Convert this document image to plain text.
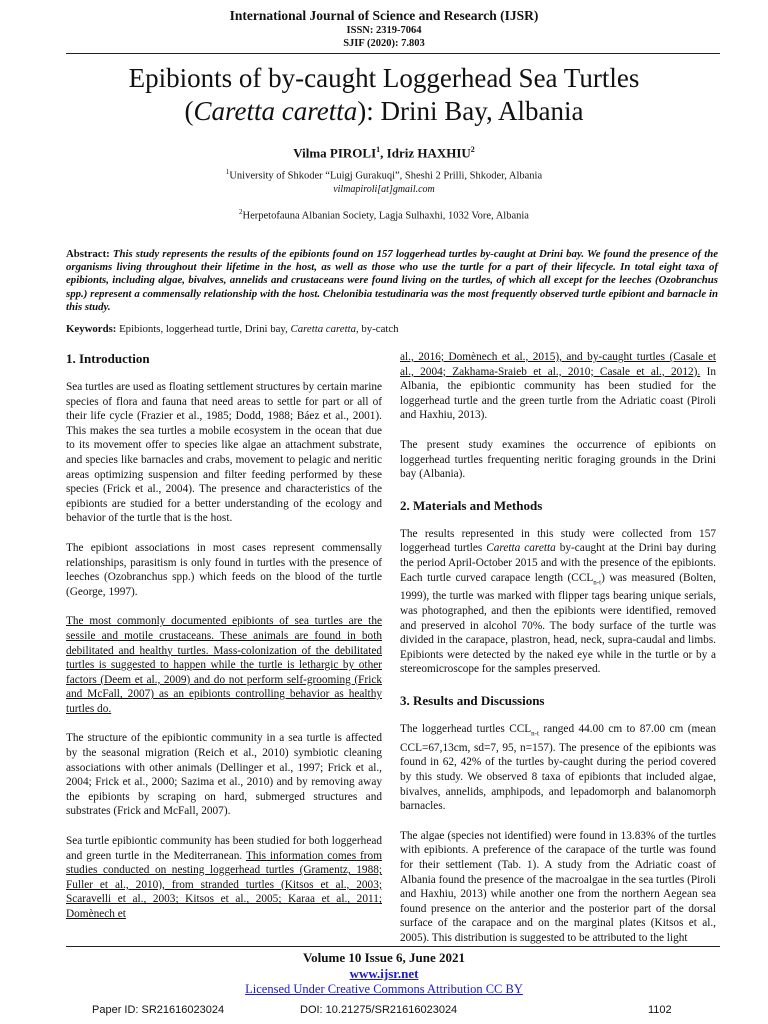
International Journal of Science and Research (IJSR)
ISSN: 2319-7064
SJIF (2020): 7.803
Epibionts of by-caught Loggerhead Sea Turtles
(Caretta caretta): Drini Bay, Albania
Vilma PIROLI$^1$, Idriz HAXHIU$^2$
$^1$University of Shkoder “Luigj Gurakuqi”, Sheshi 2 Prilli, Shkoder, Albania
vilmapiroli[at]gmail.com
$^2$Herpetofauna Albanian Society, Lagja Sulhaxhi, 1032 Vore, Albania
Abstract: This study represents the results of the epibionts found on 157 loggerhead turtles by-caught at Drini bay. We found the presence of the organisms living throughout their lifetime in the host, as well as those who use the turtle for a part of their lifecycle. In total eight taxa of epibionts, including algae, bivalves, annelids and crustaceans were found living on the turtles, of which all except for the leeches (Ozobranchus spp.) represent a commensally relationship with the host. Chelonibia testudinaria was the most frequently observed turtle epibiont and barnacle in this study.
Keywords: Epibionts, loggerhead turtle, Drini bay, Caretta caretta, by-catch
1. Introduction

Sea turtles are used as floating settlement structures by certain marine species of flora and fauna that need areas to settle for part or all of their life cycle (Frazier et al., 1985; Dodd, 1988; Báez et al., 2001). This makes the sea turtles a mobile ecosystem in the ocean that due to its movement offer to species like algae an attachment substrate, and species like barnacles and crabs, movement to pelagic and neritic areas optimizing suspension and filter feeding performed by these species (Frick et al., 2004). The presence and characteristics of the epibionts are studied for a better understanding of the ecology and behavior of the turtle that is the host.

The epibiont associations in most cases represent commensally relationships, parasitism is only found in turtles with the presence of leeches (Ozobranchus spp.) which feeds on the blood of the turtle (George, 1997).

The most commonly documented epibionts of sea turtles are the sessile and motile crustaceans. These animals are found in both debilitated and healthy turtles. Mass-colonization of the debilitated turtles is suggested to happen while the turtle is lethargic by other factors (Deem et al., 2009) and do not perform self-grooming (Frick and McFall, 2007) as an epibionts controlling behavior as healthy turtles do.

The structure of the epibiontic community in a sea turtle is affected by the seasonal migration (Reich et al., 2010) symbiotic cleaning associations with other animals (Dellinger et al., 1997; Frick et al., 2004; Frick et al., 2000; Sazima et al., 2010) and by removing away the epibionts by scraping on hard, submerged structures and substrates (Frick and McFall, 2007).

Sea turtle epibiontic community has been studied for both loggerhead and green turtle in the Mediterranean. This information comes from studies conducted on nesting loggerhead turtles (Gramentz, 1988; Fuller et al., 2010), from stranded turtles (Kitsos et al., 2003; Scaravelli et al., 2003; Kitsos et al., 2005; Karaa et al., 2011; Domènech et

al., 2016; Domènech et al., 2015), and by-caught turtles (Casale et al., 2004; Zakhama-Sraieb et al., 2010; Casale et al., 2012). In Albania, the epibiontic community has been studied for the loggerhead turtle and the green turtle from the Adriatic coast (Piroli and Haxhiu, 2013).

The present study examines the occurrence of epibionts on loggerhead turtles frequenting neritic foraging grounds in the Drini bay (Albania).

2. Materials and Methods

The results represented in this study were collected from 157 loggerhead turtles Caretta caretta by-caught at the Drini bay during the period April-October 2015 and with the presence of the epibionts. Each turtle curved carapace length $(CCL_{n-t})$ was measured (Bolten, 1999), the turtle was marked with flipper tags bearing unique serials, was photographed, and then the epibionts were identified, removed and preserved in alcohol 70%. The body surface of the turtle was divided in the carapace, plastron, head, neck, supra-caudal and limbs. Epibionts were detected by the naked eye while in the turtle or by a stereomicroscope for the samples preserved.

3. Results and Discussions

The loggerhead turtles $CCL_{n-t}$ ranged 44.00 cm to 87.00 cm (mean CCL=67,13cm, sd=7, 95, n=157). The presence of the epibionts was found in 62, 42% of the turtles by-caught during the period covered by this study. We observed 8 taxa of epibionts that included algae, bivalves, annelids, amphipods, and lepadomorph and balanomorph barnacles.

The algae (species not identified) were found in 13.83% of the turtles with epibionts. A preference of the carapace of the turtle was found for their settlement (Tab. 1). A study from the Adriatic coast of Albania found the presence of the macroalgae in the sea turtles (Piroli and Haxhiu, 2013) while another one from the northern Aegean sea found presence on the anterior and the posterior part of the dorsal surface of the carapace and on the marginal plates (Kitsos et al., 2005). This distribution is suggested to be attributed to the light

Volume 10 Issue 6, June 2021
www.ijsr.net
Licensed Under Creative Commons Attribution CC BY
Paper ID: SR21616023024	DOI: 10.21275/SR21616023024	1102
